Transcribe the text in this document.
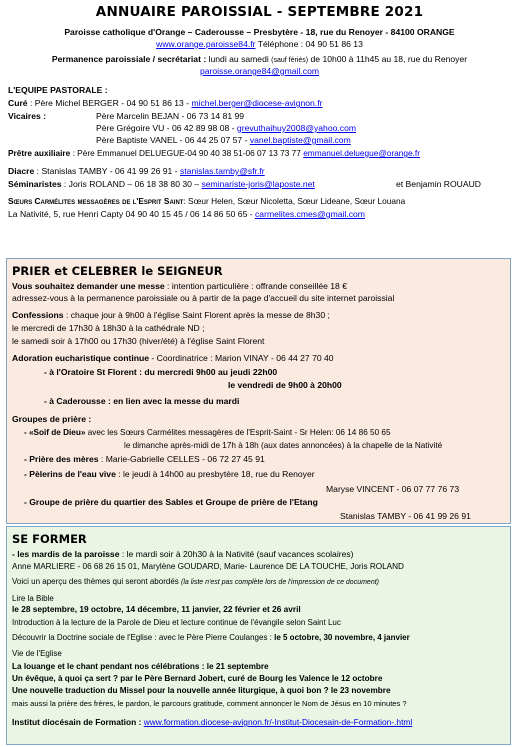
ANNUAIRE PAROISSIAL - SEPTEMBRE 2021
Paroisse catholique d'Orange – Caderousse – Presbytère - 18, rue du Renoyer - 84100 ORANGE
www.orange.paroisse84.fr Téléphone : 04 90 51 86 13
Permanence paroissiale / secrétariat : lundi au samedi (sauf fériés) de 10h00 à 11h45 au 18, rue du Renoyer
paroisse.orange84@gmail.com
L'EQUIPE PASTORALE :
Curé : Père Michel BERGER - 04 90 51 86 13 - michel.berger@diocese-avignon.fr
Vicaires :	Père Marcelin BEJAN - 06 73 14 81 99
Père Grégoire VU - 06 42 89 98 08 - grevuthaihuy2008@yahoo.com
Père Baptiste VANEL - 06 44 25 07 57 - vanel.baptiste@gmail.com
Prêtre auxiliaire : Père Emmanuel DELUEGUE-04 90 40 38 51-06 07 13 73 77 emmanuel.deluegue@orange.fr
Diacre : Stanislas TAMBY - 06 41 99 26 91 - stanislas.tamby@sfr.fr
Séminaristes : Joris ROLAND – 06 18 38 80 30 – seminariste-joris@laposte.net	et Benjamin ROUAUD
Sœurs Carmélites messagères de l'Esprit Saint: Sœur Helen, Sœur Nicoletta, Sœur Lideane, Sœur Louana
La Nativité, 5, rue Henri Capty 04 90 40 15 45 / 06 14 86 50 65 - carmelites.cmes@gmail.com
PRIER et CELEBRER le SEIGNEUR
Vous souhaitez demander une messe : intention particulière : offrande conseillée 18 €
adressez-vous à la permanence paroissiale ou à partir de la page d'accueil du site internet paroissial
Confessions : chaque jour à 9h00 à l'église Saint Florent après la messe de 8h30 ;
le mercredi de 17h30 à 18h30 à la cathédrale ND ;
le samedi soir à 17h00 ou 17h30 (hiver/été) à l'église Saint Florent
Adoration eucharistique continue - Coordinatrice : Marion VINAY - 06 44 27 70 40
- à l'Oratoire St Florent : du mercredi 9h00 au jeudi 22h00
le vendredi de 9h00 à 20h00
- à Caderousse : en lien avec la messe du mardi
Groupes de prière :
- «Soif de Dieu» avec les Sœurs Carmélites messagères de l'Esprit-Saint - Sr Helen: 06 14 86 50 65
le dimanche après-midi de 17h à 18h (aux dates annoncées) à la chapelle de la Nativité
- Prière des mères : Marie-Gabrielle CELLES - 06 72 27 45 91
- Pèlerins de l'eau vive : le jeudi à 14h00 au presbytère 18, rue du Renoyer
Maryse VINCENT - 06 07 77 76 73
- Groupe de prière du quartier des Sables et Groupe de prière de l'Etang
Stanislas TAMBY - 06 41 99 26 91
SE FORMER
- les mardis de la paroisse : le mardi soir à 20h30 à la Nativité (sauf vacances scolaires)
Anne MARLIERE - 06 68 26 15 01, Marylène GOUDARD, Marie- Laurence DE LA TOUCHE, Joris ROLAND
Voici un aperçu des thèmes qui seront abordés (la liste n'est pas complète lors de l'impression de ce document)
Lire la Bible
le 28 septembre, 19 octobre, 14 décembre, 11 janvier, 22 février et 26 avril
Introduction à la lecture de la Parole de Dieu et lecture continue de l'évangile selon Saint Luc
Découvrir la Doctrine sociale de l'Eglise : avec le Père Pierre Coulanges : le 5 octobre, 30 novembre, 4 janvier
Vie de l'Eglise
La louange et le chant pendant nos célébrations : le 21 septembre
Un évêque, à quoi ça sert ? par le Père Bernard Jobert, curé de Bourg les Valence le 12 octobre
Une nouvelle traduction du Missel pour la nouvelle année liturgique, à quoi bon ? le 23 novembre
mais aussi la prière des frères, le pardon, le parcours gratitude, comment annoncer le Nom de Jésus en 10 minutes ?
Institut diocésain de Formation : www.formation.diocese-avignon.fr/-Institut-Diocesain-de-Formation-.html
